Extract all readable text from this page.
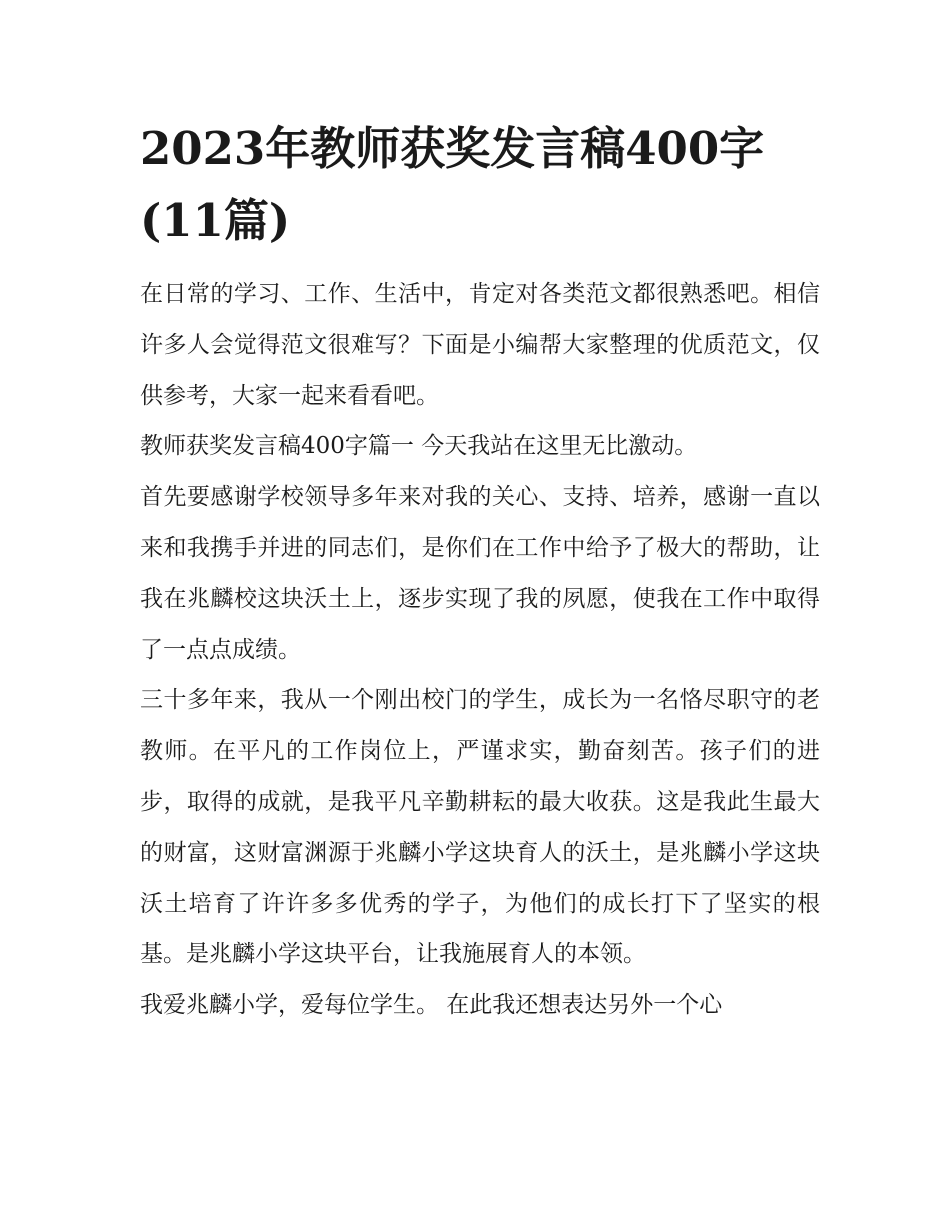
2023年教师获奖发言稿400字(11篇)

在日常的学习、工作、生活中，肯定对各类范文都很熟悉吧。相信许多人会觉得范文很难写？下面是小编帮大家整理的优质范文，仅供参考，大家一起来看看吧。

教师获奖发言稿400字篇一 今天我站在这里无比激动。

首先要感谢学校领导多年来对我的关心、支持、培养，感谢一直以来和我携手并进的同志们，是你们在工作中给予了极大的帮助，让我在兆麟校这块沃土上，逐步实现了我的夙愿，使我在工作中取得了一点点成绩。

三十多年来，我从一个刚出校门的学生，成长为一名恪尽职守的老教师。在平凡的工作岗位上，严谨求实，勤奋刻苦。孩子们的进步，取得的成就，是我平凡辛勤耕耘的最大收获。这是我此生最大的财富，这财富渊源于兆麟小学这块育人的沃土，是兆麟小学这块沃土培育了许许多多优秀的学子，为他们的成长打下了坚实的根基。是兆麟小学这块平台，让我施展育人的本领。

我爱兆麟小学，爱每位学生。 在此我还想表达另外一个心
